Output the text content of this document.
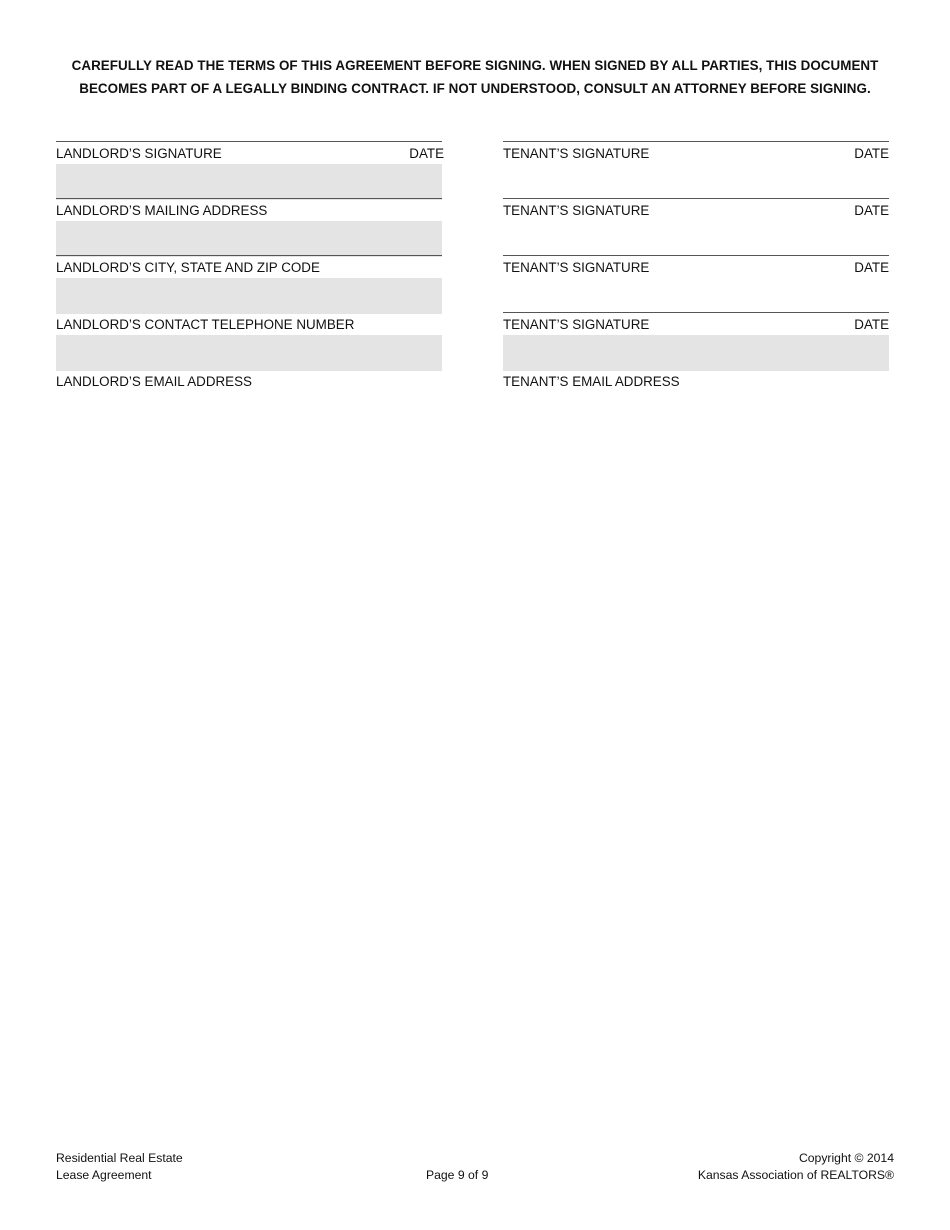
CAREFULLY READ THE TERMS OF THIS AGREEMENT BEFORE SIGNING. WHEN SIGNED BY ALL PARTIES, THIS DOCUMENT
BECOMES PART OF A LEGALLY BINDING CONTRACT. IF NOT UNDERSTOOD, CONSULT AN ATTORNEY BEFORE SIGNING.
LANDLORD’S SIGNATURE	DATE
LANDLORD’S MAILING ADDRESS
LANDLORD’S CITY, STATE AND ZIP CODE
LANDLORD’S CONTACT TELEPHONE NUMBER
LANDLORD’S EMAIL ADDRESS
TENANT’S SIGNATURE	DATE
TENANT’S SIGNATURE	DATE
TENANT’S SIGNATURE	DATE
TENANT’S SIGNATURE	DATE
TENANT’S EMAIL ADDRESS
Residential Real Estate
Lease Agreement	Page 9 of 9
Copyright © 2014
Kansas Association of REALTORS®
